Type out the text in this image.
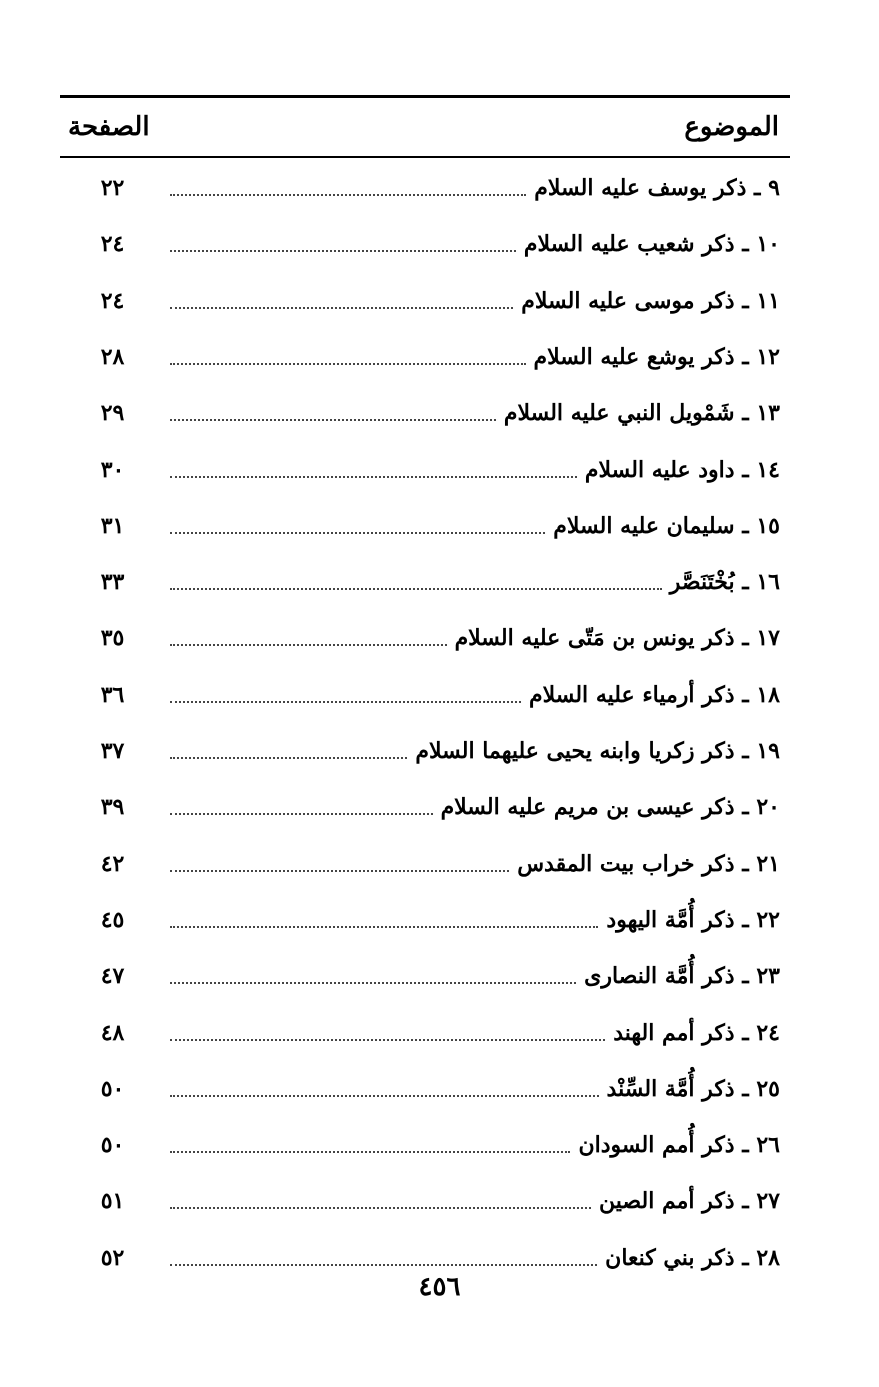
الموضوع
الصفحة
٩ ـ ذكر يوسف عليه السلام
٢٢
١٠ ـ ذكر شعيب عليه السلام
٢٤
١١ ـ ذكر موسى عليه السلام
٢٤
١٢ ـ ذكر يوشع عليه السلام
٢٨
١٣ ـ شَمْويل النبي عليه السلام
٢٩
١٤ ـ داود عليه السلام
٣٠
١٥ ـ سليمان عليه السلام
٣١
١٦ ـ بُخْتَنَصَّر
٣٣
١٧ ـ ذكر يونس بن مَتّى عليه السلام
٣٥
١٨ ـ ذكر أرمياء عليه السلام
٣٦
١٩ ـ ذكر زكريا وابنه يحيى عليهما السلام
٣٧
٢٠ ـ ذكر عيسى بن مريم عليه السلام
٣٩
٢١ ـ ذكر خراب بيت المقدس
٤٢
٢٢ ـ ذكر أُمَّة اليهود
٤٥
٢٣ ـ ذكر أُمَّة النصارى
٤٧
٢٤ ـ ذكر أمم الهند
٤٨
٢٥ ـ ذكر أُمَّة السِّنْد
٥٠
٢٦ ـ ذكر أُمم السودان
٥٠
٢٧ ـ ذكر أمم الصين
٥١
٢٨ ـ ذكر بني كنعان
٥٢
٤٥٦
